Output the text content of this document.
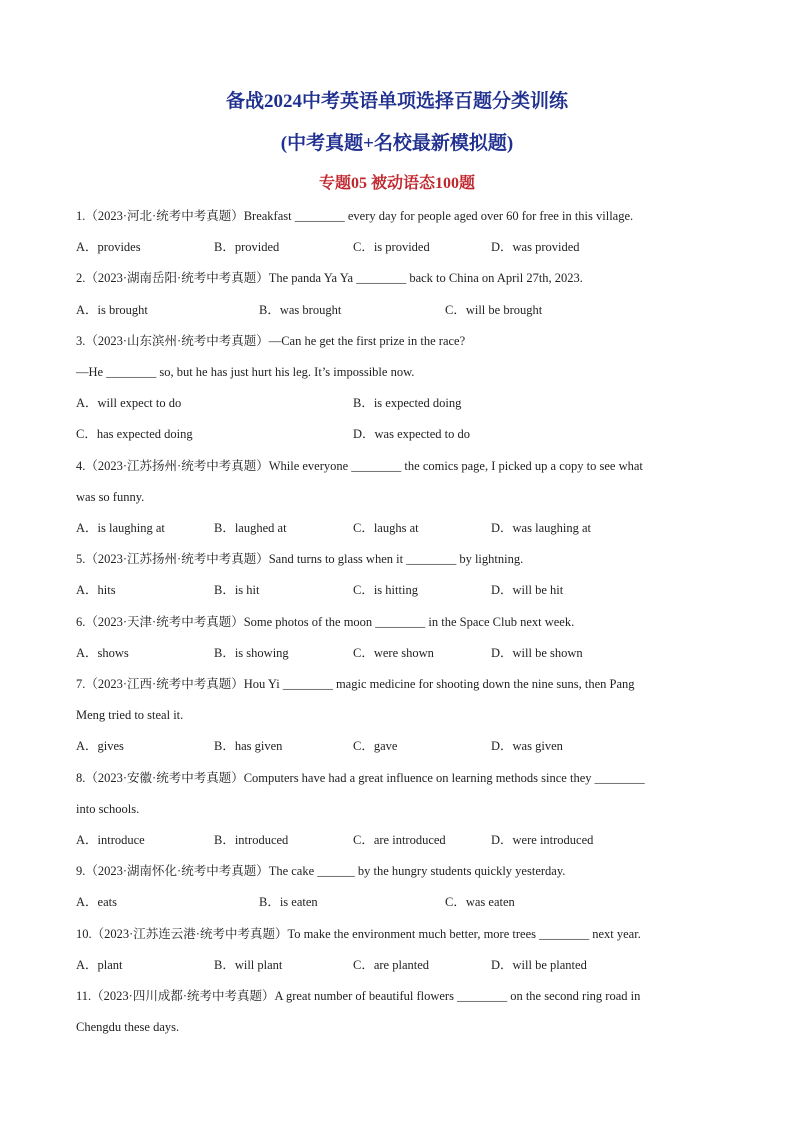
备战2024中考英语单项选择百题分类训练
(中考真题+名校最新模拟题)
专题05 被动语态100题
1.（2023·河北·统考中考真题）Breakfast ________ every day for people aged over 60 for free in this village.
A．provides	B．provided	C．is provided	D．was provided
2.（2023·湖南岳阳·统考中考真题）The panda Ya Ya ________ back to China on April 27th, 2023.
A．is brought	B．was brought	C．will be brought
3.（2023·山东滨州·统考中考真题）—Can he get the first prize in the race?
—He ________ so, but he has just hurt his leg. It’s impossible now.
A．will expect to do	B．is expected doing
C．has expected doing	D．was expected to do
4.（2023·江苏扬州·统考中考真题）While everyone ________ the comics page, I picked up a copy to see what
was so funny.
A．is laughing at	B．laughed at	C．laughs at	D．was laughing at
5.（2023·江苏扬州·统考中考真题）Sand turns to glass when it ________ by lightning.
A．hits	B．is hit	C．is hitting	D．will be hit
6.（2023·天津·统考中考真题）Some photos of the moon ________ in the Space Club next week.
A．shows	B．is showing	C．were shown	D．will be shown
7.（2023·江西·统考中考真题）Hou Yi ________ magic medicine for shooting down the nine suns, then Pang
Meng tried to steal it.
A．gives	B．has given	C．gave	D．was given
8.（2023·安徽·统考中考真题）Computers have had a great influence on learning methods since they ________
into schools.
A．introduce	B．introduced	C．are introduced	D．were introduced
9.（2023·湖南怀化·统考中考真题）The cake ______ by the hungry students quickly yesterday.
A．eats	B．is eaten	C．was eaten
10.（2023·江苏连云港·统考中考真题）To make the environment much better, more trees ________ next year.
A．plant	B．will plant	C．are planted	D．will be planted
11.（2023·四川成都·统考中考真题）A great number of beautiful flowers ________ on the second ring road in
Chengdu these days.
